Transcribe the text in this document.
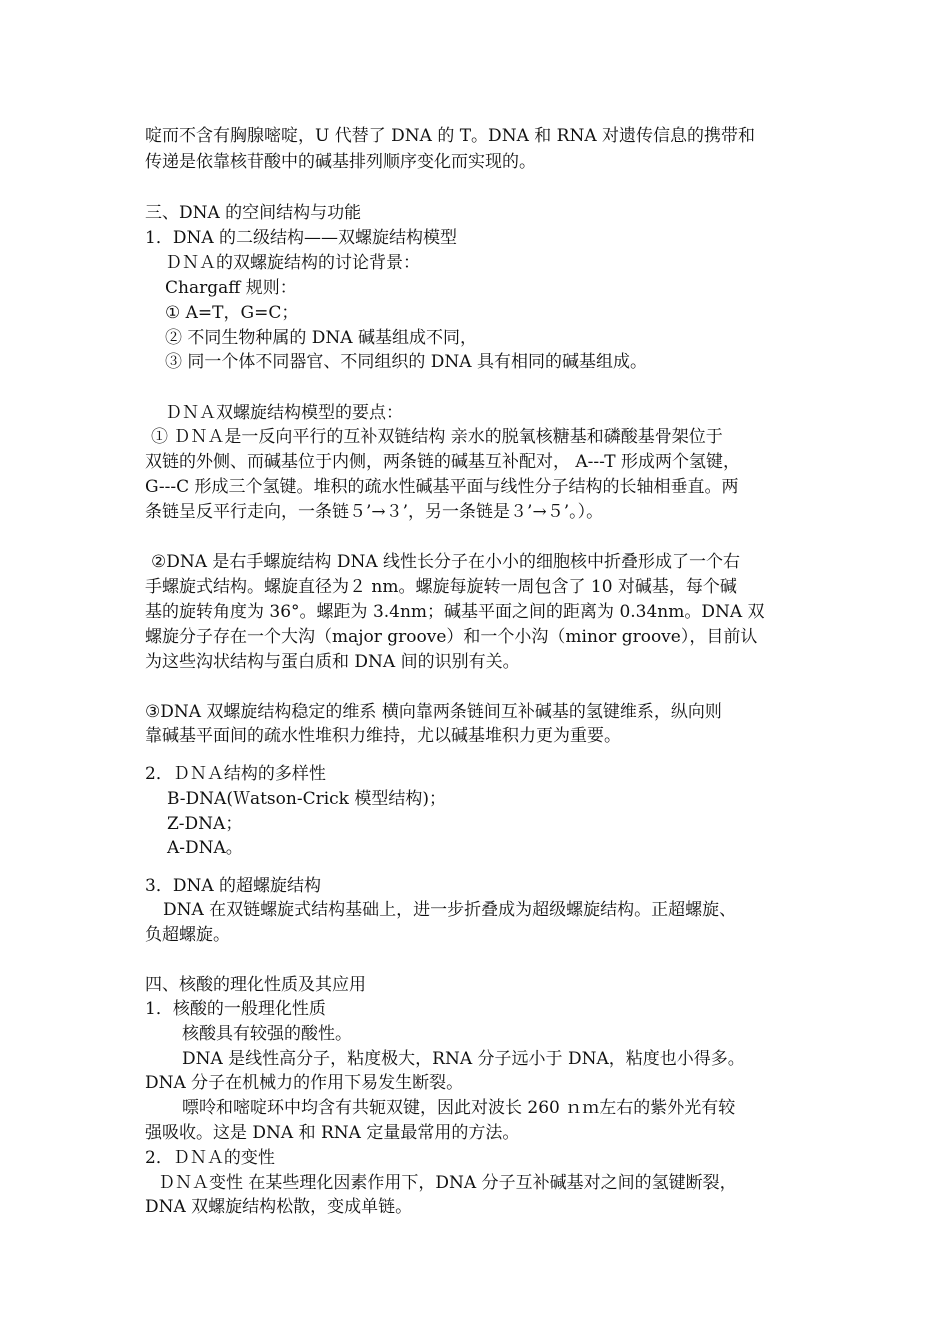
啶而不含有胸腺嘧啶，U 代替了 DNA 的 T。DNA 和 RNA 对遗传信息的携带和
传递是依靠核苷酸中的碱基排列顺序变化而实现的。
三、DNA 的空间结构与功能
1．DNA 的二级结构——双螺旋结构模型
ＤＮＡ的双螺旋结构的讨论背景：
Chargaff 规则：
① A=T，G=C；
② 不同生物种属的 DNA 碱基组成不同，
③ 同一个体不同器官、不同组织的 DNA 具有相同的碱基组成。
ＤＮＡ双螺旋结构模型的要点：
① ＤＮＡ是一反向平行的互补双链结构 亲水的脱氧核糖基和磷酸基骨架位于
双链的外侧、而碱基位于内侧，两条链的碱基互补配对， A---T 形成两个氢键，
G---C 形成三个氢键。堆积的疏水性碱基平面与线性分子结构的长轴相垂直。两
条链呈反平行走向，一条链５’→３’，另一条链是３’→５’。）。
②DNA 是右手螺旋结构 DNA 线性长分子在小小的细胞核中折叠形成了一个右
手螺旋式结构。螺旋直径为２ nm。螺旋每旋转一周包含了 10 对碱基，每个碱
基的旋转角度为 36°。螺距为 3.4nm；碱基平面之间的距离为 0.34nm。DNA 双
螺旋分子存在一个大沟（major groove）和一个小沟（minor groove），目前认
为这些沟状结构与蛋白质和 DNA 间的识别有关。
③DNA 双螺旋结构稳定的维系 横向靠两条链间互补碱基的氢键维系，纵向则
靠碱基平面间的疏水性堆积力维持，尤以碱基堆积力更为重要。
2．ＤＮＡ结构的多样性
B-DNA(Ｗatson-Crick 模型结构)；
Z-DNA；
A-DNA。
3．DNA 的超螺旋结构
DNA 在双链螺旋式结构基础上，进一步折叠成为超级螺旋结构。正超螺旋、
负超螺旋。
四、核酸的理化性质及其应用
1．核酸的一般理化性质
核酸具有较强的酸性。
DNA 是线性高分子，粘度极大，RNA 分子远小于 DNA，粘度也小得多。
DNA 分子在机械力的作用下易发生断裂。
嘌呤和嘧啶环中均含有共轭双键，因此对波长 260 ｎｍ左右的紫外光有较
强吸收。这是 DNA 和 RNA 定量最常用的方法。
2．ＤＮＡ的变性
ＤＮＡ变性 在某些理化因素作用下，DNA 分子互补碱基对之间的氢键断裂，
DNA 双螺旋结构松散，变成单链。
